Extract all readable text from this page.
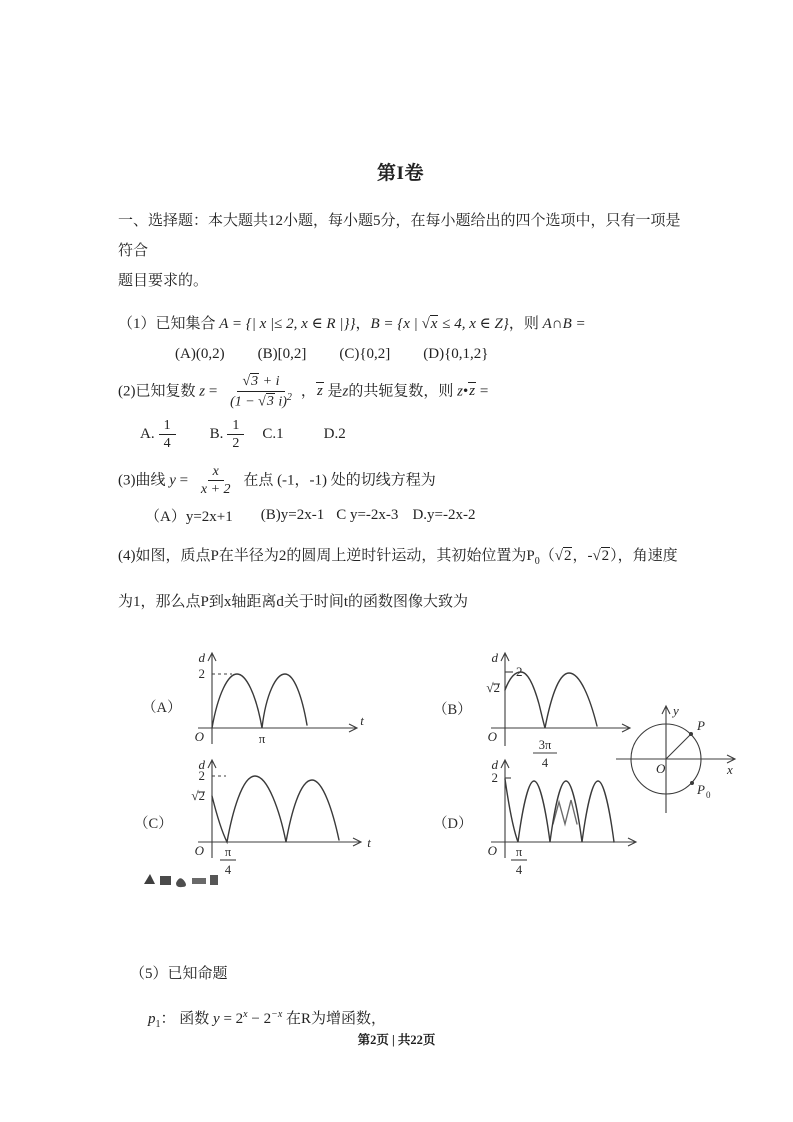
第I卷

一、选择题：本大题共12小题，每小题5分，在每小题给出的四个选项中，只有一项是符合
题目要求的。

（1）已知集合 A = {| x |≤ 2, x ∈ R |}}，B = {x | √x ≤ 4, x ∈ Z}，则 A∩B =
(A)(0,2) (B)[0,2] (C){0,2] (D){0,1,2}
(2)已知复数 $z = \frac{√3 + i}{(1 - √3 i)^2}$ ，z 是z的共轭复数，则 z•z =
A. $\frac{1}{4} B$. $\frac{1}{2} C.1$	D.2
(3)曲线 $y = \frac{x}{x + 2}$ 在点 (-1，-1) 处的切线方程为
（A）y=2x+1 (B)y=2x-1 C y=-2x-3 D.y=-2x-2
(4)如图，质点P在半径为2的圆周上逆时针运动，其初始位置为$P_0(√2$，-√2），角速度为1，那么点P到x轴距离d关于时间t的函数图像大致为
（A）
d
2
t
O	π
（B）
d
2
√2
O
3π
4
y
x
P
P 0
O
（C）
d
2
√2
t
O π
4
（D）
d
2
O π
4
（5）已知命题
$p_1$： 函数 $y = 2^x - 2^{-x}$ 在R为增函数，
第2页 | 共22页
